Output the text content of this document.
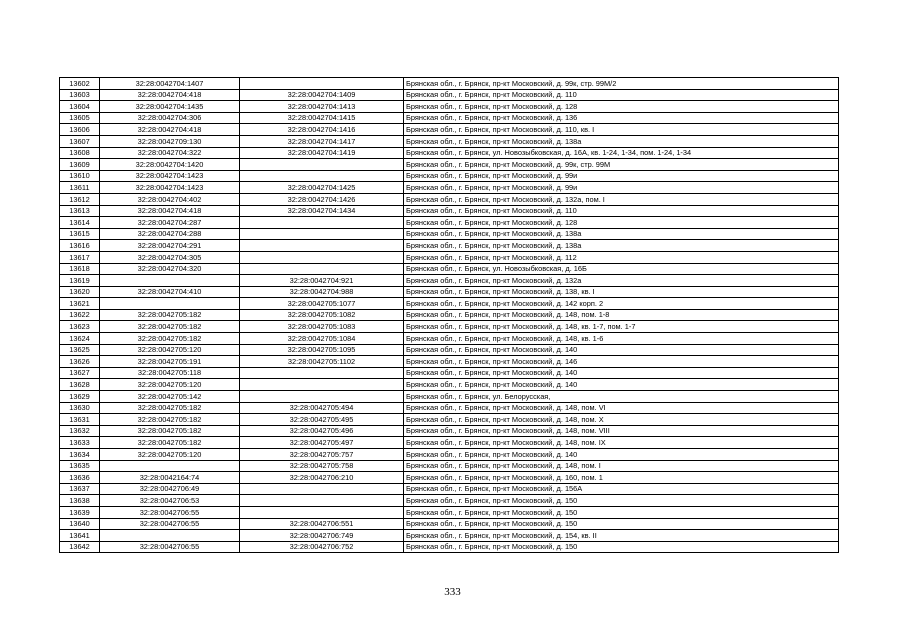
13602	32:28:0042704:1407		Брянская обл., г. Брянск, пр-кт Московский, д. 99к, стр. 99М/2
13603	32:28:0042704:418	32:28:0042704:1409	Брянская обл., г. Брянск, пр-кт Московский, д. 110
13604	32:28:0042704:1435	32:28:0042704:1413	Брянская обл., г. Брянск, пр-кт Московский, д. 128
13605	32:28:0042704:306	32:28:0042704:1415	Брянская обл., г. Брянск, пр-кт Московский, д. 136
13606	32:28:0042704:418	32:28:0042704:1416	Брянская обл., г. Брянск, пр-кт Московский, д. 110, кв. I
13607	32:28:0042709:130	32:28:0042704:1417	Брянская обл., г. Брянск, пр-кт Московский, д. 138а
13608	32:28:0042704:322	32:28:0042704:1419	Брянская обл., г. Брянск, ул. Новозыбковская, д. 16А, кв. 1-24, 1-34, пом. 1-24, 1-34
13609	32:28:0042704:1420		Брянская обл., г. Брянск, пр-кт Московский, д. 99к, стр. 99М
13610	32:28:0042704:1423		Брянская обл., г. Брянск, пр-кт Московский, д. 99и
13611	32:28:0042704:1423	32:28:0042704:1425	Брянская обл., г. Брянск, пр-кт Московский, д. 99и
13612	32:28:0042704:402	32:28:0042704:1426	Брянская обл., г. Брянск, пр-кт Московский, д. 132а, пом. I
13613	32:28:0042704:418	32:28:0042704:1434	Брянская обл., г. Брянск, пр-кт Московский, д. 110
13614	32:28:0042704:287		Брянская обл., г. Брянск, пр-кт Московский, д. 128
13615	32:28:0042704:288		Брянская обл., г. Брянск, пр-кт Московский, д. 138а
13616	32:28:0042704:291		Брянская обл., г. Брянск, пр-кт Московский, д. 138а
13617	32:28:0042704:305		Брянская обл., г. Брянск, пр-кт Московский, д. 112
13618	32:28:0042704:320		Брянская обл., г. Брянск, ул. Новозыбковская, д. 16Б
13619		32:28:0042704:921	Брянская обл., г. Брянск, пр-кт Московский, д. 132а
13620	32:28:0042704:410	32:28:0042704:988	Брянская обл., г. Брянск, пр-кт Московский, д. 138, кв. I
13621		32:28:0042705:1077	Брянская обл., г. Брянск, пр-кт Московский, д. 142 корп. 2
13622	32:28:0042705:182	32:28:0042705:1082	Брянская обл., г. Брянск, пр-кт Московский, д. 148, пом. 1-8
13623	32:28:0042705:182	32:28:0042705:1083	Брянская обл., г. Брянск, пр-кт Московский, д. 148, кв. 1-7, пом. 1-7
13624	32:28:0042705:182	32:28:0042705:1084	Брянская обл., г. Брянск, пр-кт Московский, д. 148, кв. 1-6
13625	32:28:0042705:120	32:28:0042705:1095	Брянская обл., г. Брянск, пр-кт Московский, д. 140
13626	32:28:0042705:191	32:28:0042705:1102	Брянская обл., г. Брянск, пр-кт Московский, д. 146
13627	32:28:0042705:118		Брянская обл., г. Брянск, пр-кт Московский, д. 140
13628	32:28:0042705:120		Брянская обл., г. Брянск, пр-кт Московский, д. 140
13629	32:28:0042705:142		Брянская обл., г. Брянск, ул. Белорусская,
13630	32:28:0042705:182	32:28:0042705:494	Брянская обл., г. Брянск, пр-кт Московский, д. 148, пом. VI
13631	32:28:0042705:182	32:28:0042705:495	Брянская обл., г. Брянск, пр-кт Московский, д. 148, пом. X
13632	32:28:0042705:182	32:28:0042705:496	Брянская обл., г. Брянск, пр-кт Московский, д. 148, пом. VIII
13633	32:28:0042705:182	32:28:0042705:497	Брянская обл., г. Брянск, пр-кт Московский, д. 148, пом. IX
13634	32:28:0042705:120	32:28:0042705:757	Брянская обл., г. Брянск, пр-кт Московский, д. 140
13635		32:28:0042705:758	Брянская обл., г. Брянск, пр-кт Московский, д. 148, пом. I
13636	32:28:0042164:74	32:28:0042706:210	Брянская обл., г. Брянск, пр-кт Московский, д. 160, пом. 1
13637	32:28:0042706:49		Брянская обл., г. Брянск, пр-кт Московский, д. 156А
13638	32:28:0042706:53		Брянская обл., г. Брянск, пр-кт Московский, д. 150
13639	32:28:0042706:55		Брянская обл., г. Брянск, пр-кт Московский, д. 150
13640	32:28:0042706:55	32:28:0042706:551	Брянская обл., г. Брянск, пр-кт Московский, д. 150
13641		32:28:0042706:749	Брянская обл., г. Брянск, пр-кт Московский, д. 154, кв. II
13642	32:28:0042706:55	32:28:0042706:752	Брянская обл., г. Брянск, пр-кт Московский, д. 150
333
